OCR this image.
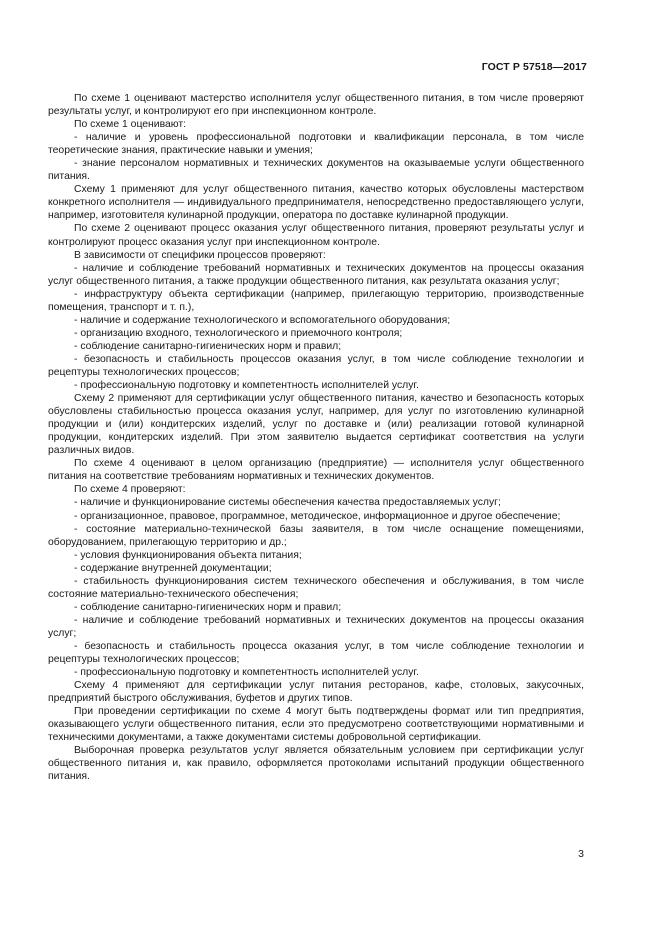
ГОСТ Р 57518—2017

По схеме 1 оценивают мастерство исполнителя услуг общественного питания, в том числе проверяют результаты услуг, и контролируют его при инспекционном контроле.

По схеме 1 оценивают:

- наличие и уровень профессиональной подготовки и квалификации персонала, в том числе теоретические знания, практические навыки и умения;

- знание персоналом нормативных и технических документов на оказываемые услуги общественного питания.

Схему 1 применяют для услуг общественного питания, качество которых обусловлены мастерством конкретного исполнителя — индивидуального предпринимателя, непосредственно предоставляющего услуги, например, изготовителя кулинарной продукции, оператора по доставке кулинарной продукции.

По схеме 2 оценивают процесс оказания услуг общественного питания, проверяют результаты услуг и контролируют процесс оказания услуг при инспекционном контроле.

В зависимости от специфики процессов проверяют:

- наличие и соблюдение требований нормативных и технических документов на процессы оказания услуг общественного питания, а также продукции общественного питания, как результата оказания услуг;

- инфраструктуру объекта сертификации (например, прилегающую территорию, производственные помещения, транспорт и т. п.),

- наличие и содержание технологического и вспомогательного оборудования;

- организацию входного, технологического и приемочного контроля;

- соблюдение санитарно-гигиенических норм и правил;

- безопасность и стабильность процессов оказания услуг, в том числе соблюдение технологии и рецептуры технологических процессов;

- профессиональную подготовку и компетентность исполнителей услуг.

Схему 2 применяют для сертификации услуг общественного питания, качество и безопасность которых обусловлены стабильностью процесса оказания услуг, например, для услуг по изготовлению кулинарной продукции и (или) кондитерских изделий, услуг по доставке и (или) реализации готовой кулинарной продукции, кондитерских изделий. При этом заявителю выдается сертификат соответствия на услуги различных видов.

По схеме 4 оценивают в целом организацию (предприятие) — исполнителя услуг общественного питания на соответствие требованиям нормативных и технических документов.

По схеме 4 проверяют:

- наличие и функционирование системы обеспечения качества предоставляемых услуг;

- организационное, правовое, программное, методическое, информационное и другое обеспечение;

- состояние материально-технической базы заявителя, в том числе оснащение помещениями, оборудованием, прилегающую территорию и др.;

- условия функционирования объекта питания;

- содержание внутренней документации;

- стабильность функционирования систем технического обеспечения и обслуживания, в том числе состояние материально-технического обеспечения;

- соблюдение санитарно-гигиенических норм и правил;

- наличие и соблюдение требований нормативных и технических документов на процессы оказания услуг;

- безопасность и стабильность процесса оказания услуг, в том числе соблюдение технологии и рецептуры технологических процессов;

- профессиональную подготовку и компетентность исполнителей услуг.

Схему 4 применяют для сертификации услуг питания ресторанов, кафе, столовых, закусочных, предприятий быстрого обслуживания, буфетов и других типов.

При проведении сертификации по схеме 4 могут быть подтверждены формат или тип предприятия, оказывающего услуги общественного питания, если это предусмотрено соответствующими нормативными и техническими документами, а также документами системы добровольной сертификации.

Выборочная проверка результатов услуг является обязательным условием при сертификации услуг общественного питания и, как правило, оформляется протоколами испытаний продукции общественного питания.

3
